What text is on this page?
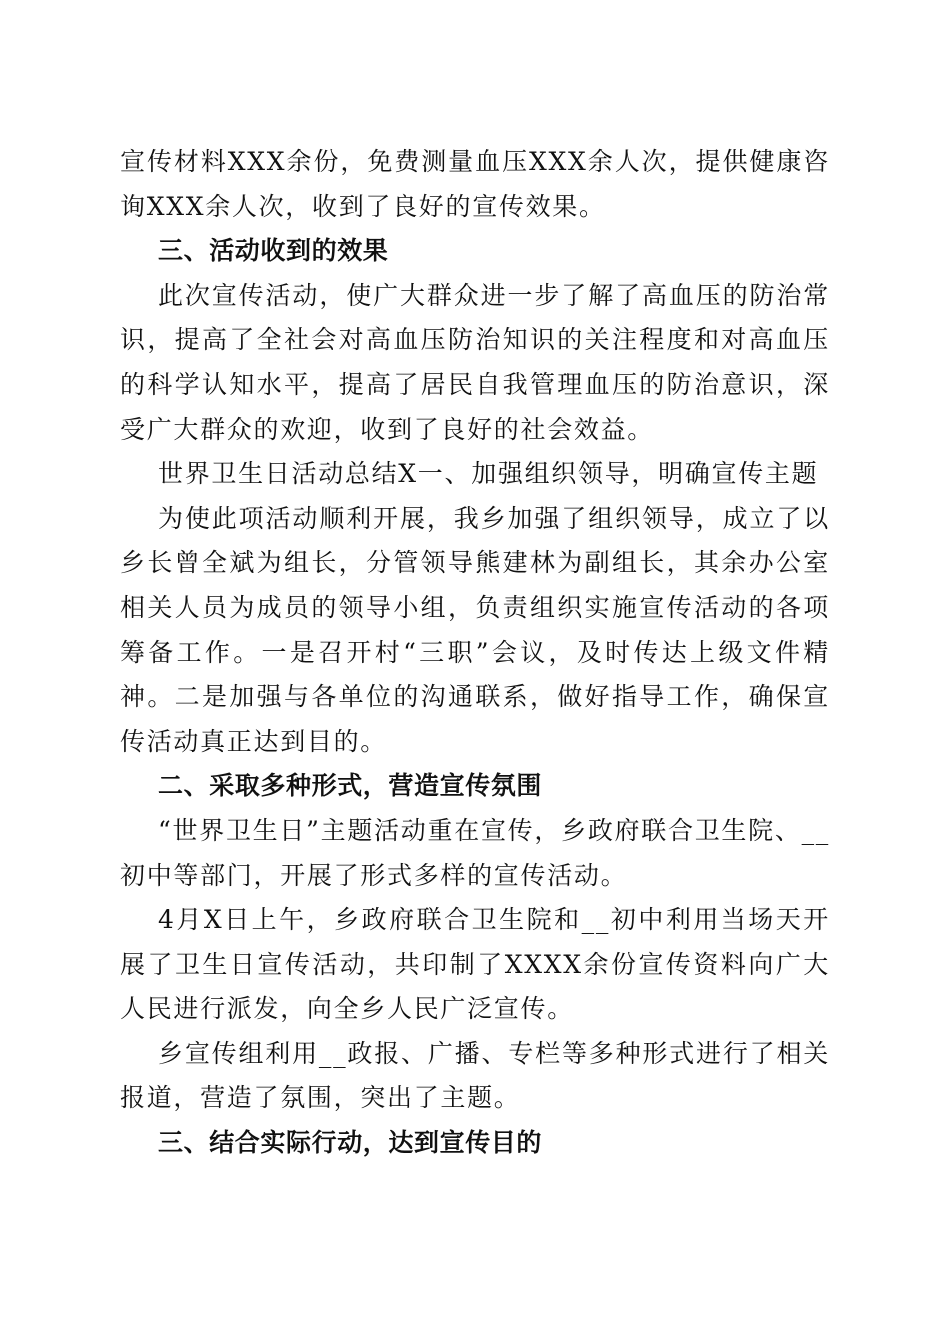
宣传材料XXX余份，免费测量血压XXX余人次，提供健康咨询XXX余人次，收到了良好的宣传效果。

三、活动收到的效果

此次宣传活动，使广大群众进一步了解了高血压的防治常识，提高了全社会对高血压防治知识的关注程度和对高血压的科学认知水平，提高了居民自我管理血压的防治意识，深受广大群众的欢迎，收到了良好的社会效益。

世界卫生日活动总结X一、加强组织领导，明确宣传主题

为使此项活动顺利开展，我乡加强了组织领导，成立了以乡长曾全斌为组长，分管领导熊建林为副组长，其余办公室相关人员为成员的领导小组，负责组织实施宣传活动的各项筹备工作。一是召开村“三职”会议，及时传达上级文件精神。二是加强与各单位的沟通联系，做好指导工作，确保宣传活动真正达到目的。

二、采取多种形式，营造宣传氛围

“世界卫生日”主题活动重在宣传，乡政府联合卫生院、__初中等部门，开展了形式多样的宣传活动。

4月X日上午，乡政府联合卫生院和__初中利用当场天开展了卫生日宣传活动，共印制了XXXX余份宣传资料向广大人民进行派发，向全乡人民广泛宣传。

乡宣传组利用__政报、广播、专栏等多种形式进行了相关报道，营造了氛围，突出了主题。

三、结合实际行动，达到宣传目的
